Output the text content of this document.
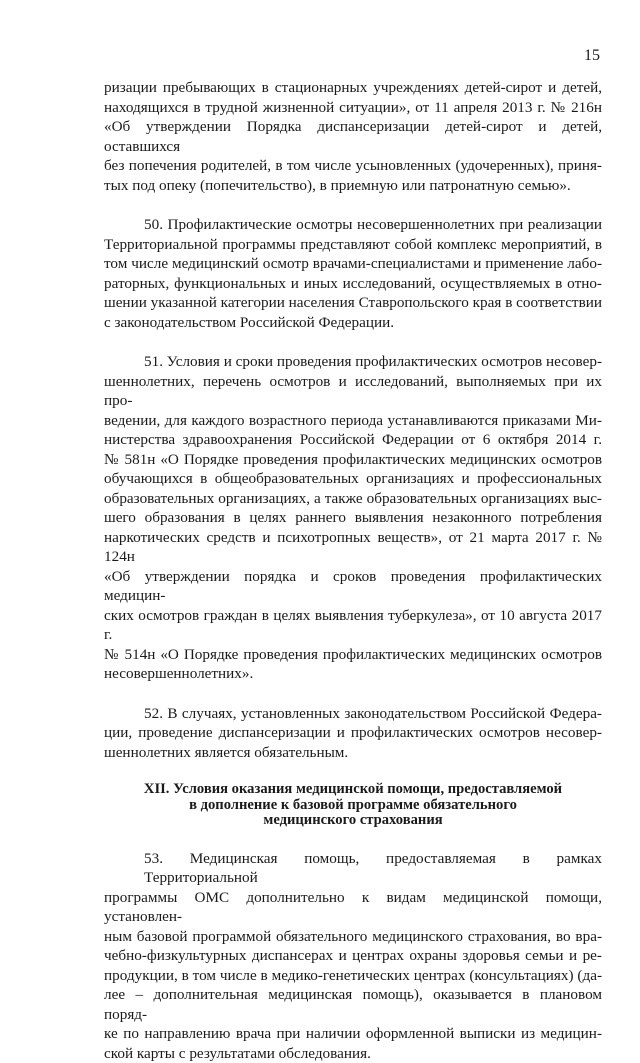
15

ризации пребывающих в стационарных учреждениях детей-сирот и детей,
находящихся в трудной жизненной ситуации», от 11 апреля 2013 г. № 216н
«Об утверждении Порядка диспансеризации детей-сирот и детей, оставшихся
без попечения родителей, в том числе усыновленных (удочеренных), приня-
тых под опеку (попечительство), в приемную или патронатную семью».

50. Профилактические осмотры несовершеннолетних при реализации
Территориальной программы представляют собой комплекс мероприятий, в
том числе медицинский осмотр врачами-специалистами и применение лабо-
раторных, функциональных и иных исследований, осуществляемых в отно-
шении указанной категории населения Ставропольского края в соответствии
с законодательством Российской Федерации.

51. Условия и сроки проведения профилактических осмотров несовер-
шеннолетних, перечень осмотров и исследований, выполняемых при их про-
ведении, для каждого возрастного периода устанавливаются приказами Ми-
нистерства здравоохранения Российской Федерации от 6 октября 2014 г.
№ 581н «О Порядке проведения профилактических медицинских осмотров
обучающихся в общеобразовательных организациях и профессиональных
образовательных организациях, а также образовательных организациях выс-
шего образования в целях раннего выявления незаконного потребления
наркотических средств и психотропных веществ», от 21 марта 2017 г. № 124н
«Об утверждении порядка и сроков проведения профилактических медицин-
ских осмотров граждан в целях выявления туберкулеза», от 10 августа 2017 г.
№ 514н «О Порядке проведения профилактических медицинских осмотров
несовершеннолетних».

52. В случаях, установленных законодательством Российской Федера-
ции, проведение диспансеризации и профилактических осмотров несовер-
шеннолетних является обязательным.

XII. Условия оказания медицинской помощи, предоставляемой
в дополнение к базовой программе обязательного
медицинского страхования

53. Медицинская помощь, предоставляемая в рамках Территориальной
программы ОМС дополнительно к видам медицинской помощи, установлен-
ным базовой программой обязательного медицинского страхования, во вра-
чебно-физкультурных диспансерах и центрах охраны здоровья семьи и ре-
продукции, в том числе в медико-генетических центрах (консультациях) (да-
лее – дополнительная медицинская помощь), оказывается в плановом поряд-
ке по направлению врача при наличии оформленной выписки из медицин-
ской карты с результатами обследования.
